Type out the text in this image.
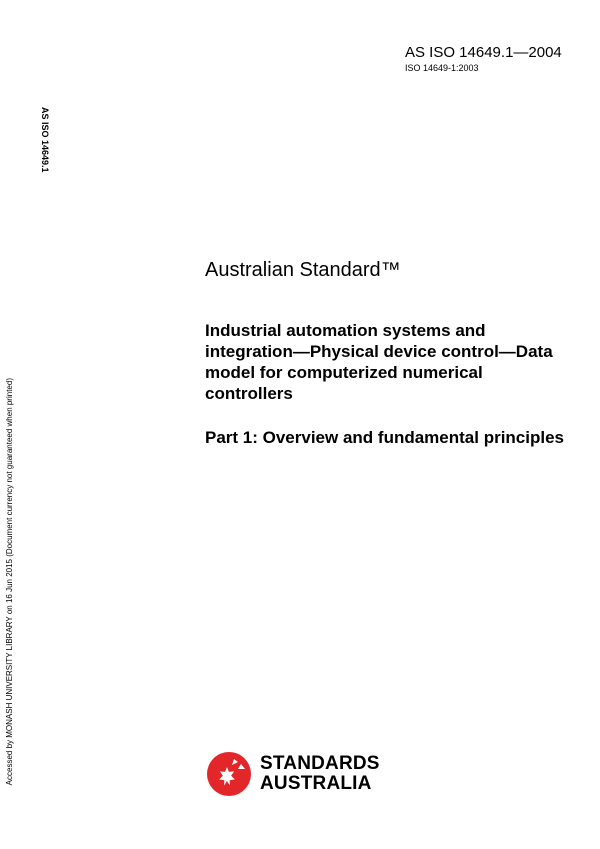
AS ISO 14649.1—2004
ISO 14649-1:2003
AS ISO 14649.1
Accessed by MONASH UNIVERSITY LIBRARY on 16 Jun 2015 (Document currency not guaranteed when printed)
Australian Standard™
Industrial automation systems and integration—Physical device control—Data model for computerized numerical controllers
Part 1: Overview and fundamental principles
STANDARDS
AUSTRALIA
